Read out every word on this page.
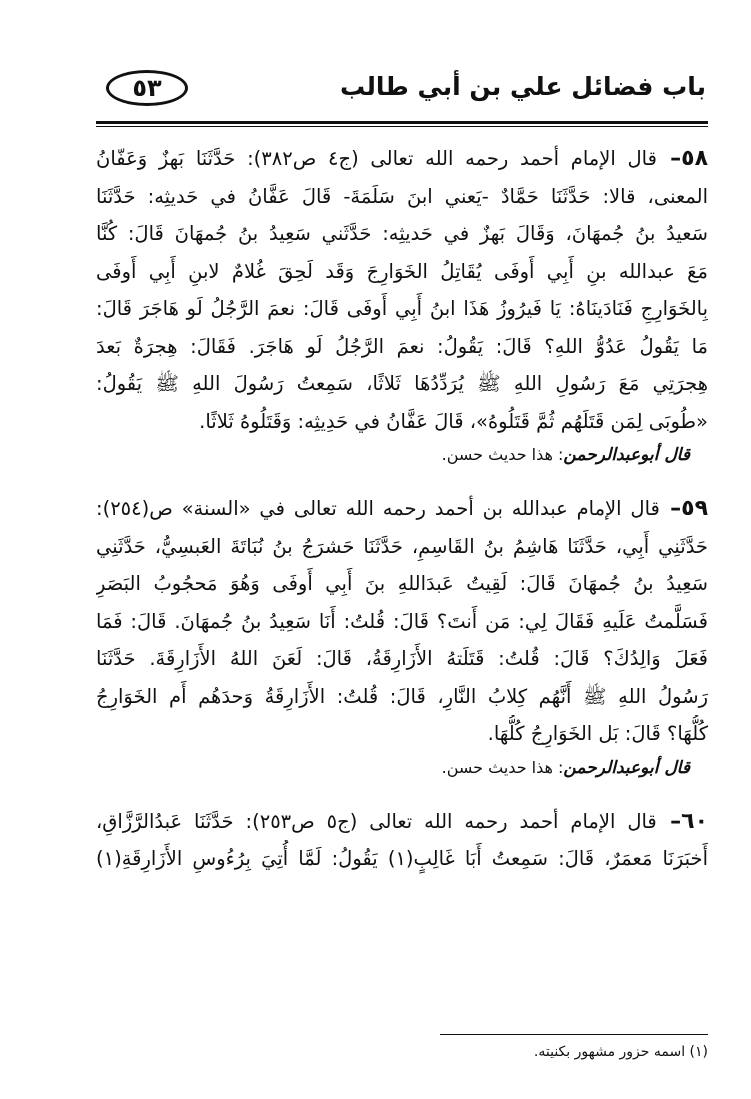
باب فضائل علي بن أبي طالب
٥٣
٥٨– قال الإمام أحمد رحمه الله تعالى (ج٤ ص٣٨٢): حَدَّثَنَا بَهزٌ وَعَفّانُ
المعنى، قالا: حَدَّثَنَا حَمَّادٌ -يَعني ابنَ سَلَمَةَ- قَالَ عَفَّانُ في حَديثِه: حَدَّثَنَا
سَعيدُ بنُ جُمهَانَ، وَقَالَ بَهزٌ في حَديثِه: حَدَّثَني سَعِيدُ بنُ جُمهَانَ قَالَ: كُنَّا
مَعَ عبدالله بنِ أَبِي أَوفَى يُقَاتِلُ الخَوَارِجَ وَقَد لَحِقَ غُلامٌ لابنِ أَبِي أَوفَى
بِالخَوَارِجِ فَنَادَينَاهُ: يَا فَيرُوزُ هَذَا ابنُ أَبِي أَوفَى قَالَ: نعمَ الرَّجُلُ لَو هَاجَرَ قَالَ:
مَا يَقُولُ عَدُوُّ اللهِ؟ قَالَ: يَقُولُ: نعمَ الرَّجُلُ لَو هَاجَرَ. فَقَالَ: هِجرَةٌ بَعدَ
هِجرَتِي مَعَ رَسُولِ اللهِ ﷺ يُرَدِّدُهَا ثَلاثًا، سَمِعتُ رَسُولَ اللهِ ﷺ يَقُولُ:
«طُوبَى لِمَن قَتَلَهُم ثُمَّ قَتَلُوهُ»، قَالَ عَفَّانُ في حَدِيثِه: وَقَتَلُوهُ ثَلاثًا.
قال أبوعبدالرحمن: هذا حديث حسن.
٥٩– قال الإمام عبدالله بن أحمد رحمه الله تعالى في «السنة» ص(٢٥٤):
حَدَّثَنِي أَبِي، حَدَّثَنَا هَاشِمُ بنُ القَاسِمِ، حَدَّثَنَا حَشرَجُ بنُ نُبَاتَةَ العَبسِيُّ، حَدَّثَنِي
سَعِيدُ بنُ جُمهَانَ قَالَ: لَقِيتُ عَبدَاللهِ بنَ أَبِي أَوفَى وَهُوَ مَحجُوبُ البَصَرِ
فَسَلَّمتُ عَلَيهِ فَقَالَ لِي: مَن أَنتَ؟ قَالَ: قُلتُ: أَنَا سَعِيدُ بنُ جُمهَانَ. قَالَ: فَمَا
فَعَلَ وَالِدُكَ؟ قَالَ: قُلتُ: قَتَلَتهُ الأَزَارِقَةُ، قَالَ: لَعَنَ اللهُ الأَزَارِقَةَ. حَدَّثَنَا
رَسُولُ اللهِ ﷺ أَنَّهُم كِلابُ النَّارِ، قَالَ: قُلتُ: الأَزَارِقَةُ وَحدَهُم أَم الخَوَارِجُ
كُلُّهَا؟ قَالَ: بَل الخَوَارِجُ كُلُّهَا.
قال أبوعبدالرحمن: هذا حديث حسن.
٦٠– قال الإمام أحمد رحمه الله تعالى (ج٥ ص٢٥٣): حَدَّثَنَا عَبدُالرَّزَّاقِ،
أَخبَرَنَا مَعمَرٌ، قَالَ: سَمِعتُ أَبَا غَالِبٍ(١) يَقُولُ: لَمَّا أُتِيَ بِرُءُوسِ الأَزَارِقَةِ(١)
(١) اسمه حزور مشهور بكنيته.
